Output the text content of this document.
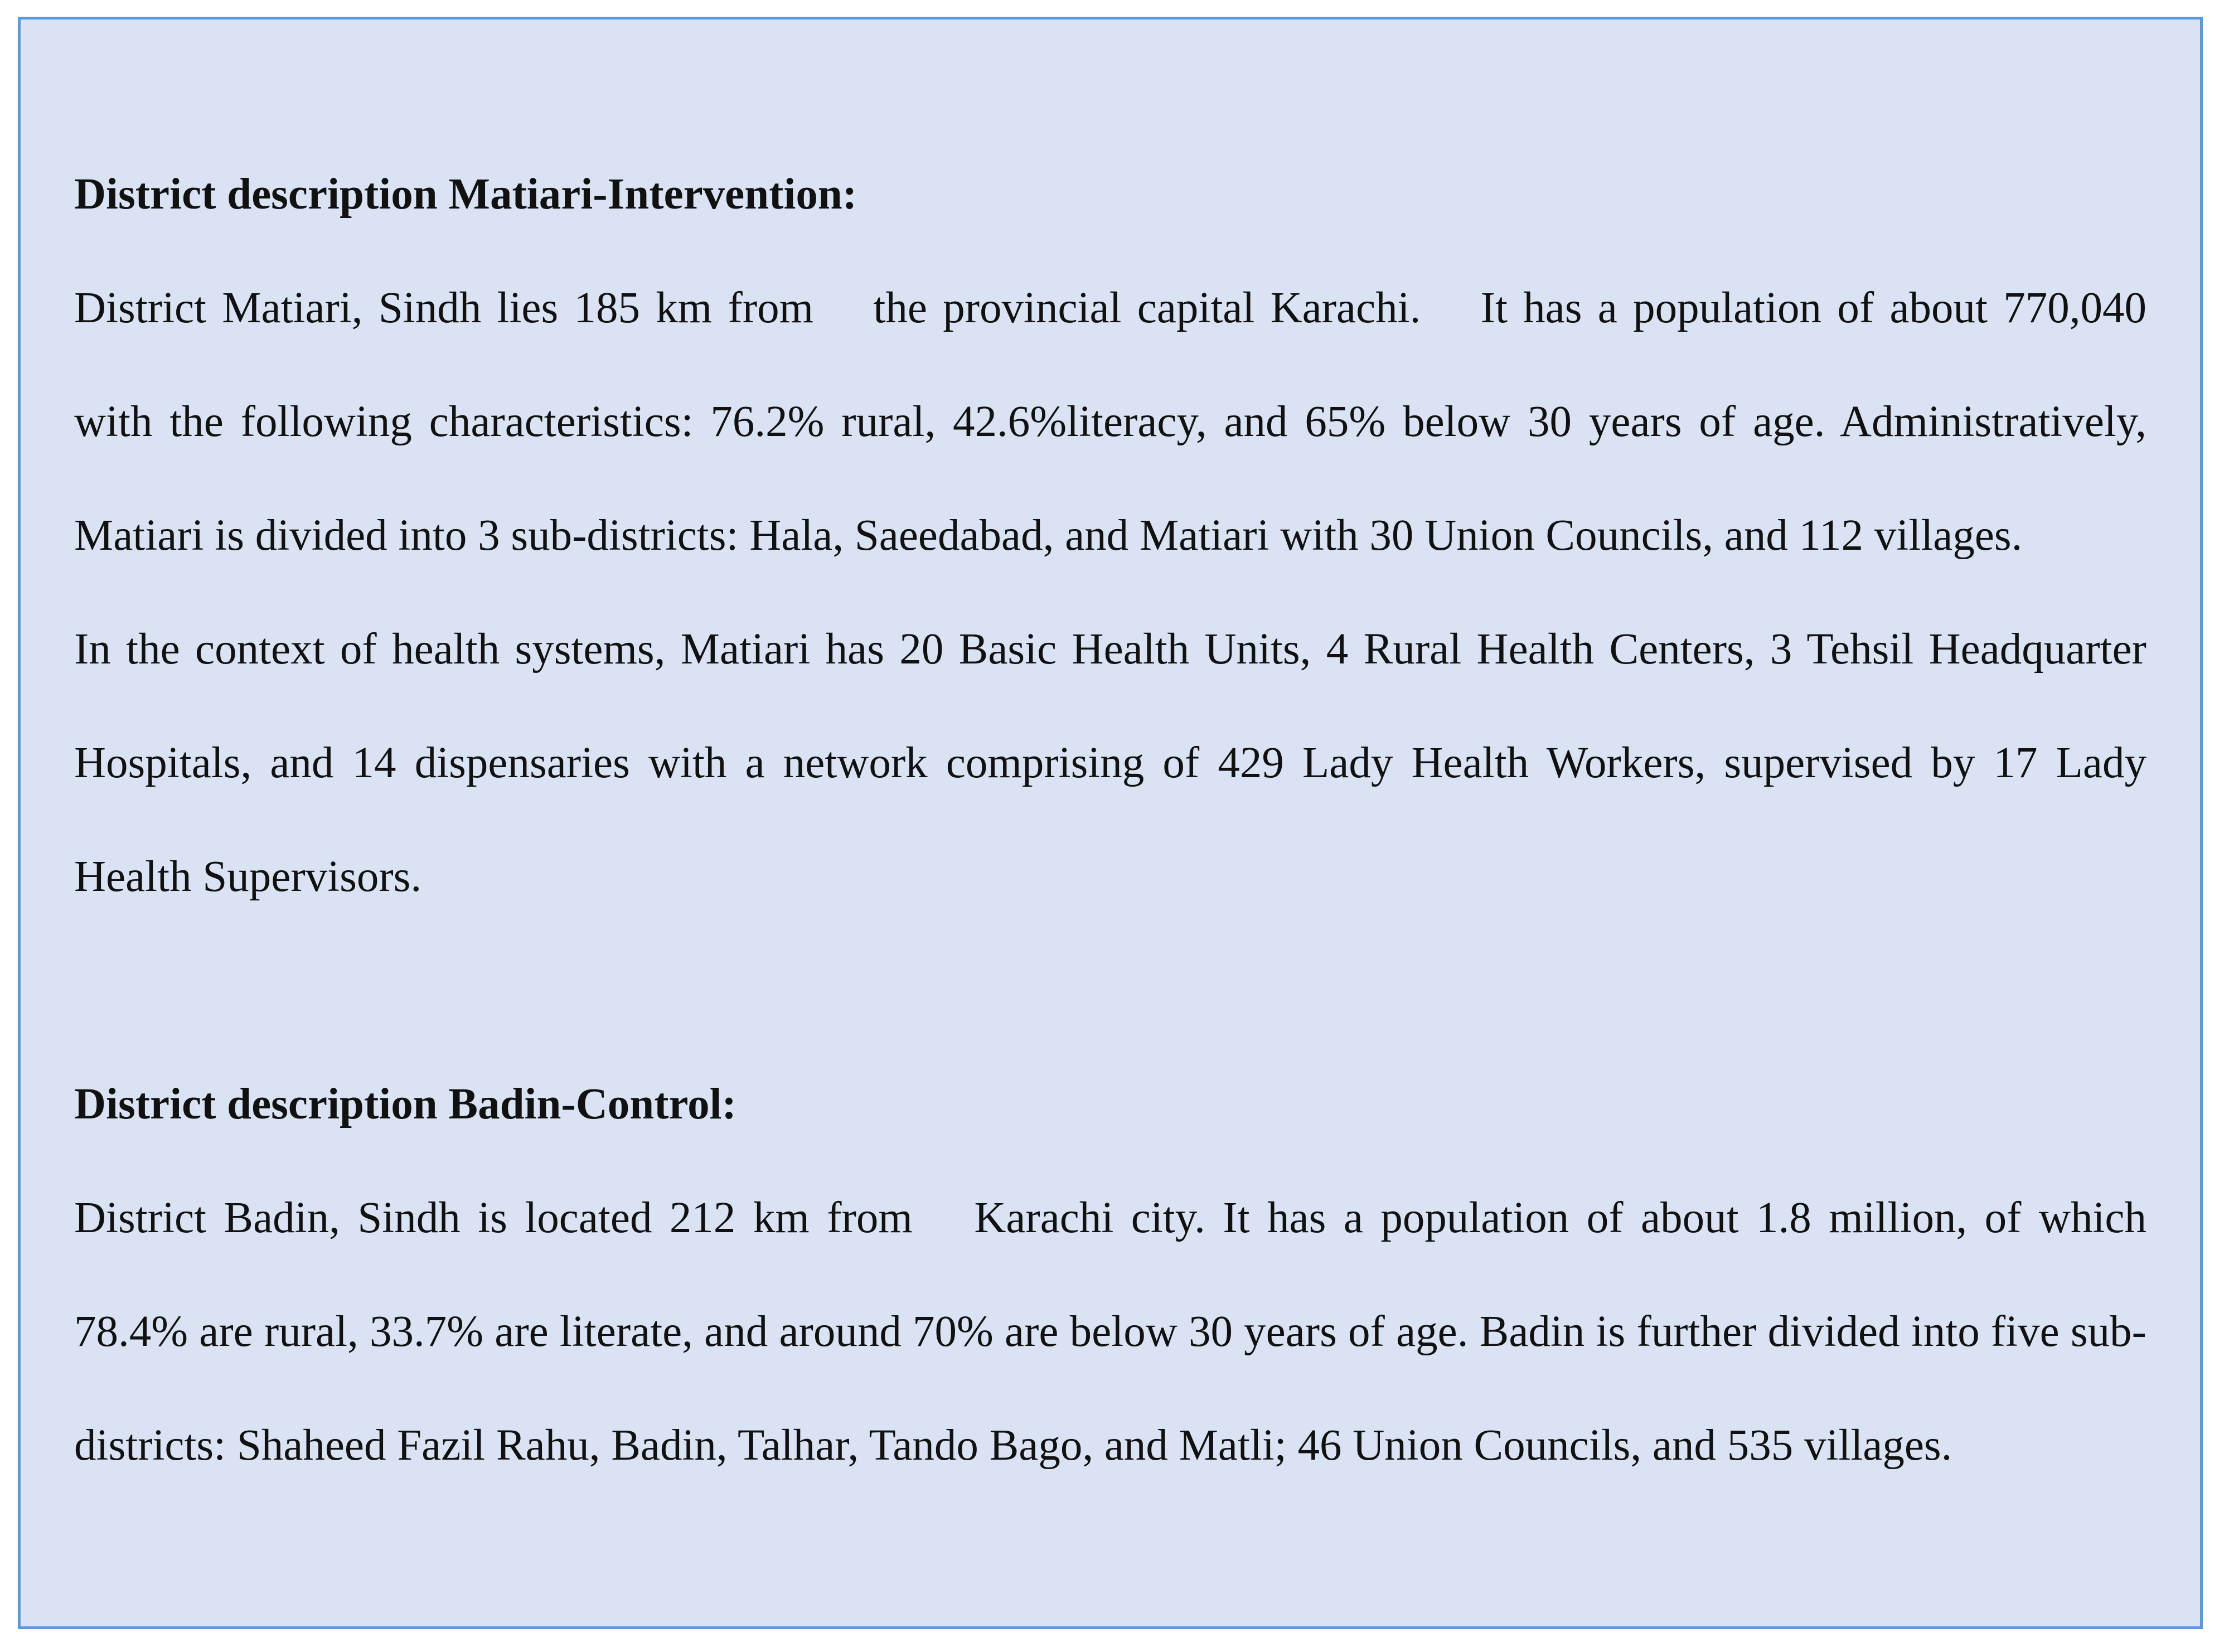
District description Matiari-Intervention:

District Matiari, Sindh lies 185 km from  the provincial capital Karachi.  It has a population of about 770,040 with the following characteristics: 76.2% rural, 42.6%literacy, and 65% below 30 years of age. Administratively, Matiari is divided into 3 sub-districts: Hala, Saeedabad, and Matiari with 30 Union Councils, and 112 villages.

In the context of health systems, Matiari has 20 Basic Health Units, 4 Rural Health Centers, 3 Tehsil Headquarter Hospitals, and 14 dispensaries with a network comprising of 429 Lady Health Workers, supervised by 17 Lady Health Supervisors.

District description Badin-Control:

District Badin, Sindh is located 212 km from  Karachi city. It has a population of about 1.8 million, of which 78.4% are rural, 33.7% are literate, and around 70% are below 30 years of age. Badin is further divided into five sub-districts: Shaheed Fazil Rahu, Badin, Talhar, Tando Bago, and Matli; 46 Union Councils, and 535 villages.
